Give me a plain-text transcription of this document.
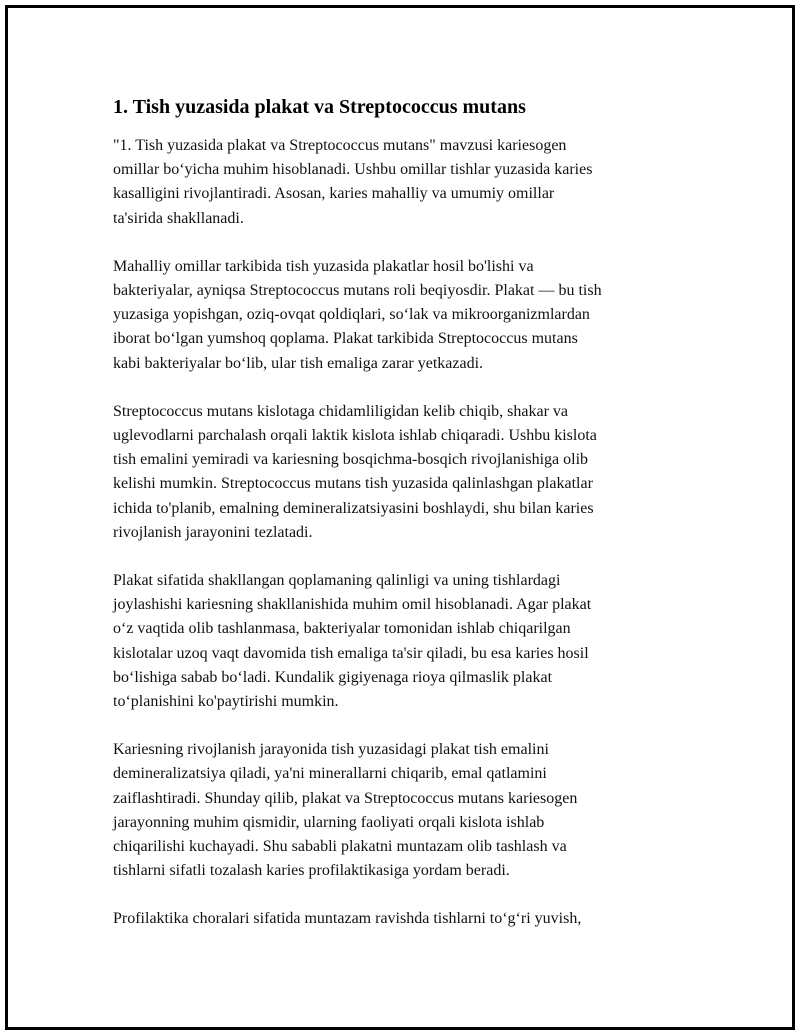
1. Tish yuzasida plakat va Streptococcus mutans

"1. Tish yuzasida plakat va Streptococcus mutans" mavzusi kariesogen
omillar bo‘yicha muhim hisoblanadi. Ushbu omillar tishlar yuzasida karies
kasalligini rivojlantiradi. Asosan, karies mahalliy va umumiy omillar
ta'sirida shakllanadi.

Mahalliy omillar tarkibida tish yuzasida plakatlar hosil bo'lishi va
bakteriyalar, ayniqsa Streptococcus mutans roli beqiyosdir. Plakat — bu tish
yuzasiga yopishgan, oziq-ovqat qoldiqlari, so‘lak va mikroorganizmlardan
iborat bo‘lgan yumshoq qoplama. Plakat tarkibida Streptococcus mutans
kabi bakteriyalar bo‘lib, ular tish emaliga zarar yetkazadi.

Streptococcus mutans kislotaga chidamliligidan kelib chiqib, shakar va
uglevodlarni parchalash orqali laktik kislota ishlab chiqaradi. Ushbu kislota
tish emalini yemiradi va kariesning bosqichma-bosqich rivojlanishiga olib
kelishi mumkin. Streptococcus mutans tish yuzasida qalinlashgan plakatlar
ichida to'planib, emalning demineralizatsiyasini boshlaydi, shu bilan karies
rivojlanish jarayonini tezlatadi.

Plakat sifatida shakllangan qoplamaning qalinligi va uning tishlardagi
joylashishi kariesning shakllanishida muhim omil hisoblanadi. Agar plakat
o‘z vaqtida olib tashlanmasa, bakteriyalar tomonidan ishlab chiqarilgan
kislotalar uzoq vaqt davomida tish emaliga ta'sir qiladi, bu esa karies hosil
bo‘lishiga sabab bo‘ladi. Kundalik gigiyenaga rioya qilmaslik plakat
to‘planishini ko'paytirishi mumkin.

Kariesning rivojlanish jarayonida tish yuzasidagi plakat tish emalini
demineralizatsiya qiladi, ya'ni minerallarni chiqarib, emal qatlamini
zaiflashtiradi. Shunday qilib, plakat va Streptococcus mutans kariesogen
jarayonning muhim qismidir, ularning faoliyati orqali kislota ishlab
chiqarilishi kuchayadi. Shu sababli plakatni muntazam olib tashlash va
tishlarni sifatli tozalash karies profilaktikasiga yordam beradi.

Profilaktika choralari sifatida muntazam ravishda tishlarni to‘g‘ri yuvish,
